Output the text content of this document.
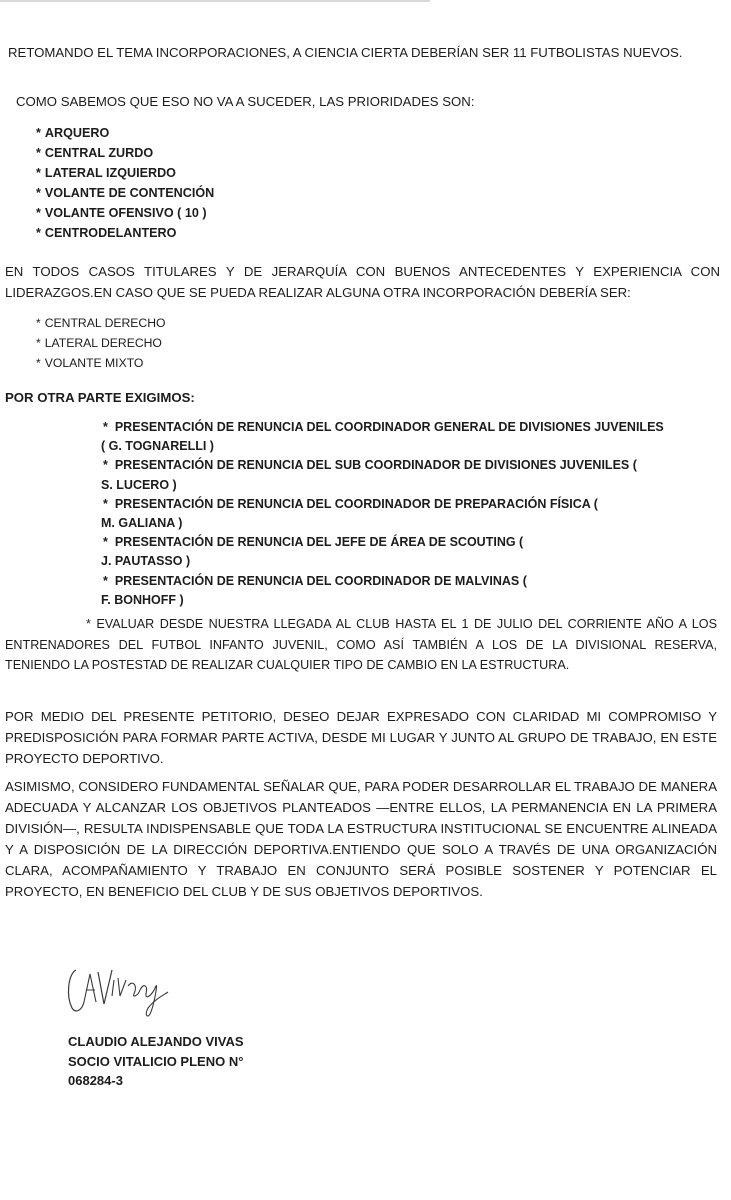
RETOMANDO EL TEMA INCORPORACIONES, A CIENCIA CIERTA DEBERÍAN SER 11 FUTBOLISTAS NUEVOS.

COMO SABEMOS QUE ESO NO VA A SUCEDER, LAS PRIORIDADES SON:

* ARQUERO
* CENTRAL ZURDO
* LATERAL IZQUIERDO
* VOLANTE DE CONTENCIÓN
* VOLANTE OFENSIVO ( 10 )
* CENTRODELANTERO

EN TODOS CASOS TITULARES Y DE JERARQUÍA CON BUENOS ANTECEDENTES Y EXPERIENCIA CON LIDERAZGOS.EN CASO QUE SE PUEDA REALIZAR ALGUNA OTRA INCORPORACIÓN DEBERÍA SER:

* CENTRAL DERECHO
* LATERAL DERECHO
* VOLANTE MIXTO

POR OTRA PARTE EXIGIMOS:

* PRESENTACIÓN DE RENUNCIA DEL COORDINADOR GENERAL DE DIVISIONES JUVENILES
( G. TOGNARELLI )
* PRESENTACIÓN DE RENUNCIA DEL SUB COORDINADOR DE DIVISIONES JUVENILES (
S. LUCERO )
* PRESENTACIÓN DE RENUNCIA DEL COORDINADOR DE PREPARACIÓN FÍSICA (
M. GALIANA )
* PRESENTACIÓN DE RENUNCIA DEL JEFE DE ÁREA DE SCOUTING (
J. PAUTASSO )
* PRESENTACIÓN DE RENUNCIA DEL COORDINADOR DE MALVINAS (
F. BONHOFF )

* EVALUAR DESDE NUESTRA LLEGADA AL CLUB HASTA EL 1 DE JULIO DEL CORRIENTE AÑO A LOS ENTRENADORES DEL FUTBOL INFANTO JUVENIL, COMO ASÍ TAMBIÉN A LOS DE LA DIVISIONAL RESERVA, TENIENDO LA POSTESTAD DE REALIZAR CUALQUIER TIPO DE CAMBIO EN LA ESTRUCTURA.

POR MEDIO DEL PRESENTE PETITORIO, DESEO DEJAR EXPRESADO CON CLARIDAD MI COMPROMISO Y PREDISPOSICIÓN PARA FORMAR PARTE ACTIVA, DESDE MI LUGAR Y JUNTO AL GRUPO DE TRABAJO, EN ESTE PROYECTO DEPORTIVO.

ASIMISMO, CONSIDERO FUNDAMENTAL SEÑALAR QUE, PARA PODER DESARROLLAR EL TRABAJO DE MANERA ADECUADA Y ALCANZAR LOS OBJETIVOS PLANTEADOS —ENTRE ELLOS, LA PERMANENCIA EN LA PRIMERA DIVISIÓN—, RESULTA INDISPENSABLE QUE TODA LA ESTRUCTURA INSTITUCIONAL SE ENCUENTRE ALINEADA Y A DISPOSICIÓN DE LA DIRECCIÓN DEPORTIVA.ENTIENDO QUE SOLO A TRAVÉS DE UNA ORGANIZACIÓN CLARA, ACOMPAÑAMIENTO Y TRABAJO EN CONJUNTO SERÁ POSIBLE SOSTENER Y POTENCIAR EL PROYECTO, EN BENEFICIO DEL CLUB Y DE SUS OBJETIVOS DEPORTIVOS.

CLAUDIO ALEJANDO VIVAS
SOCIO VITALICIO PLENO N°
068284-3
